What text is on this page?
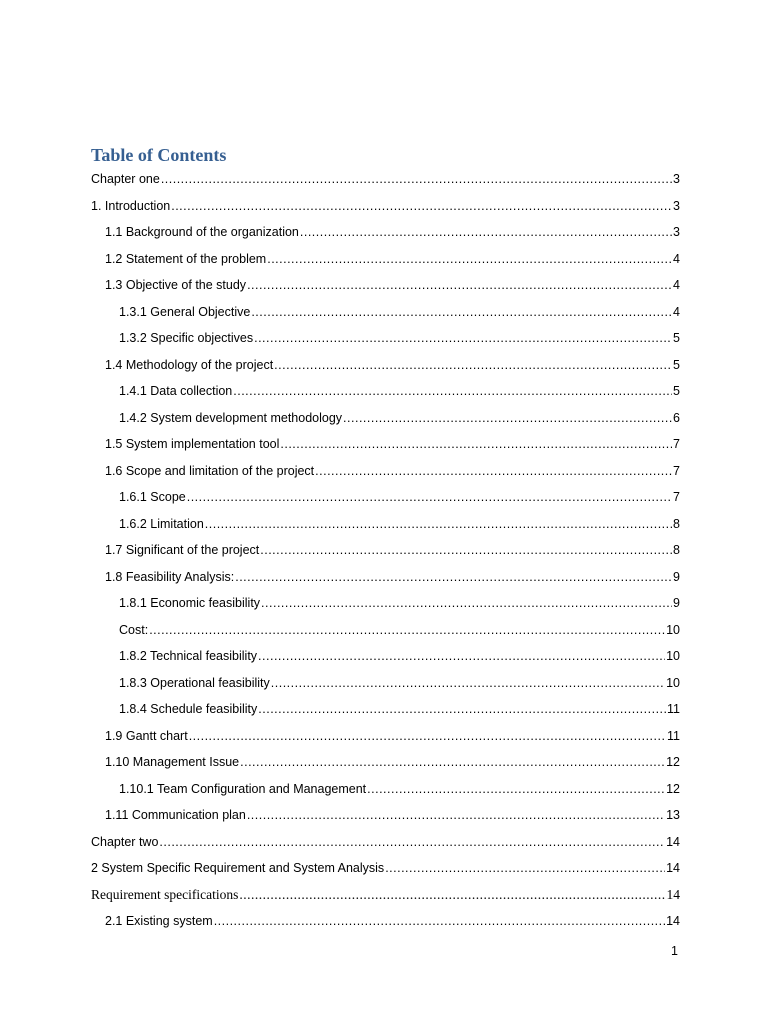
Table of Contents
Chapter one .....	3
1. Introduction .....	3
1.1 Background of the organization .....	3
1.2 Statement of the problem .....	4
1.3 Objective of the study .....	4
1.3.1 General Objective .....	4
1.3.2 Specific objectives .....	5
1.4 Methodology of the project .....	5
1.4.1 Data collection .....	5
1.4.2 System development methodology .....	6
1.5 System implementation tool .....	7
1.6 Scope and limitation of the project .....	7
1.6.1 Scope .....	7
1.6.2 Limitation .....	8
1.7 Significant of the project .....	8
1.8 Feasibility Analysis: .....	9
1.8.1 Economic feasibility .....	9
Cost: .....	10
1.8.2 Technical feasibility .....	10
1.8.3 Operational feasibility .....	10
1.8.4 Schedule feasibility .....	11
1.9 Gantt chart .....	11
1.10 Management Issue .....	12
1.10.1 Team Configuration and Management .....	12
1.11 Communication plan .....	13
Chapter two .....	14
2 System Specific Requirement and System Analysis .....	14
Requirement specifications .....	14
2.1 Existing system .....	14
1
